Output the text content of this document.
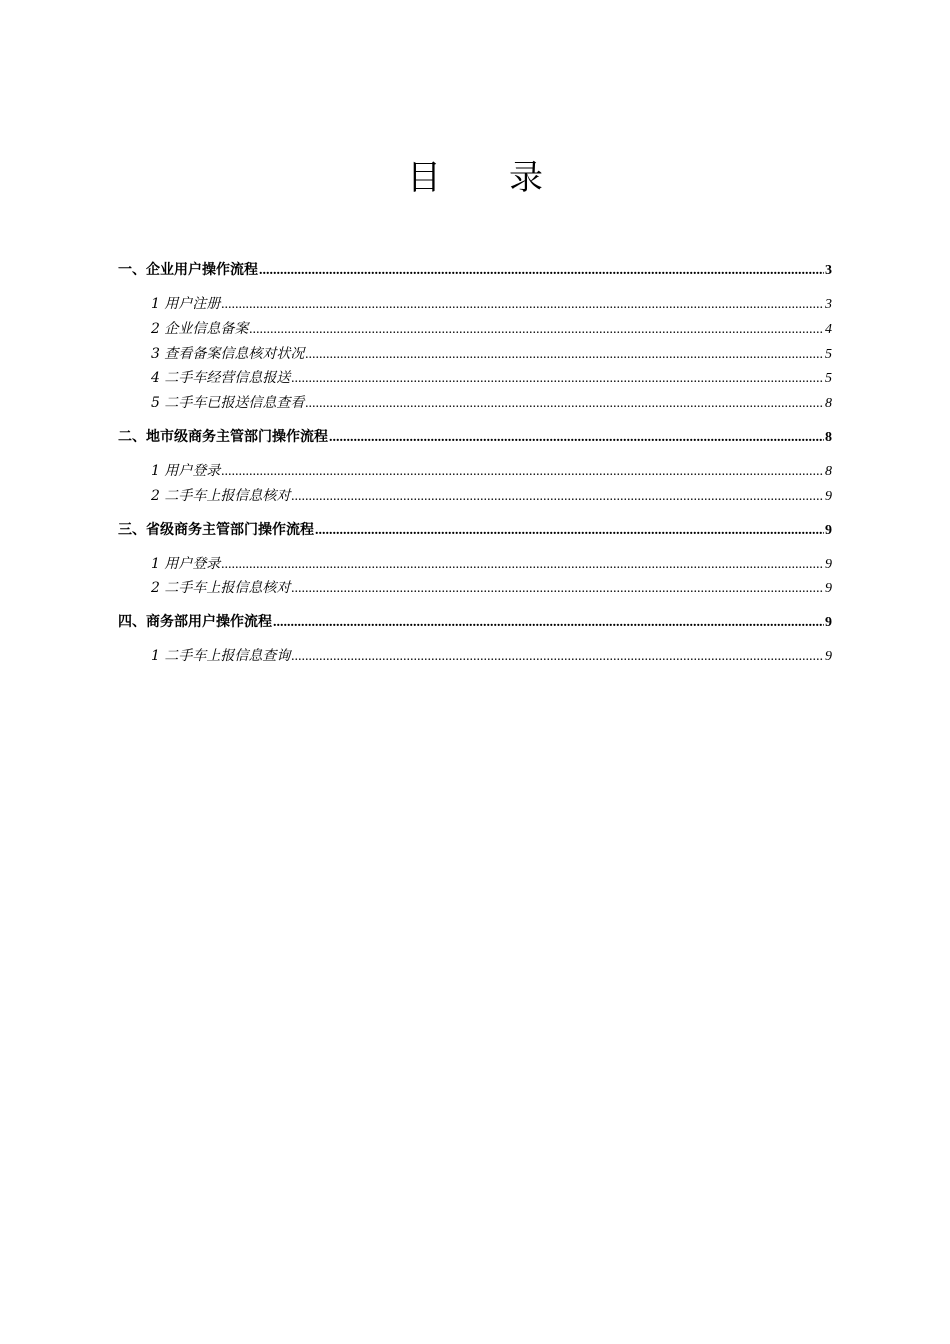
目录
一、企业用户操作流程 .....	3
1 用户注册 .....	3
2 企业信息备案 .....	4
3 查看备案信息核对状况 .....	5
4 二手车经营信息报送 .....	5
5 二手车已报送信息查看 .....	8
二、地市级商务主管部门操作流程 .....	8
1 用户登录 .....	8
2 二手车上报信息核对 .....	9
三、省级商务主管部门操作流程 .....	9
1 用户登录 .....	9
2 二手车上报信息核对 .....	9
四、商务部用户操作流程 .....	9
1 二手车上报信息查询 .....	9
